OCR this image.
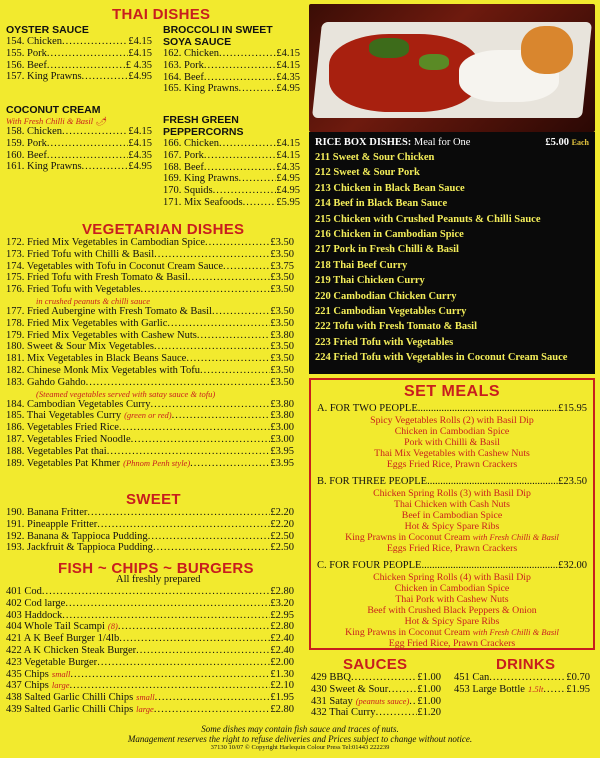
THAI DISHES
OYSTER SAUCE
154. Chicken .....	£4.15
155. Pork .....	£4.15
156. Beef .....	£ 4.35
157. King Prawns .....	£4.95
COCONUT CREAM
With Fresh Chilli & Basil 🌶
158. Chicken .....	£4.15
159. Pork .....	£4.15
160. Beef .....	£4.35
161. King Prawns .....	£4.95
BROCCOLI IN SWEET
SOYA SAUCE
162. Chicken .....	£4.15
163. Pork .....	£4.15
164. Beef .....	£4.35
165. King Prawns .....	£4.95
FRESH GREEN
PEPPERCORNS
166. Chicken .....	£4.15
167. Pork .....	£4.15
168. Beef .....	£4.35
169. King Prawns .....	£4.95
170. Squids .....	£4.95
171. Mix Seafoods .....	£5.95
VEGETARIAN DISHES
172. Fried Mix Vegetables in Cambodian Spice .....	£3.50
173. Fried Tofu with Chilli & Basil .....	£3.50
174. Vegetables with Tofu in Coconut Cream Sauce .....	£3.75
175. Fried Tofu with Fresh Tomato & Basil .....	£3.50
176. Fried Tofu with Vegetables .....	£3.50
in crushed peanuts & chilli sauce
177. Fried Aubergine with Fresh Tomato & Basil .....	£3.50
178. Fried Mix Vegetables with Garlic .....	£3.50
179. Fried Mix Vegetables with Cashew Nuts .....	£3.80
180. Sweet & Sour Mix Vegetables .....	£3.50
181. Mix Vegetables in Black Beans Sauce .....	£3.50
182. Chinese Monk Mix Vegetables with Tofu .....	£3.50
183. Gahdo Gahdo .....	£3.50
(Steamed vegetables served with satay sauce & tofu)
184. Cambodian Vegetables Curry .....	£3.80
185. Thai Vegetables Curry (green or red) .....	£3.80
186. Vegetables Fried Rice .....	£3.00
187. Vegetables Fried Noodle .....	£3.00
188. Vegetables Pat thai .....	£3.95
189. Vegetables Pat Khmer (Phnom Penh style) .....	£3.95
SWEET
190. Banana Fritter .....	£2.20
191. Pineapple Fritter .....	£2.20
192. Banana & Tappioca Pudding .....	£2.50
193. Jackfruit & Tappioca Pudding .....	£2.50
FISH ~ CHIPS ~ BURGERS
All freshly prepared
401 Cod .....	£2.80
402 Cod large .....	£3.20
403 Haddock .....	£2.95
404 Whole Tail Scampi (8) .....	£2.80
421 A K Beef Burger 1/4lb .....	£2.40
422 A K Chicken Steak Burger .....	£2.40
423 Vegetable Burger .....	£2.00
435 Chips small .....	£1.30
437 Chips large .....	£2.10
438 Salted Garlic Chilli Chips small .....	£1.95
439 Salted Garlic Chilli Chips large .....	£2.80
RICE BOX DISHES: Meal for One	£5.00 Each
211 Sweet & Sour Chicken
212 Sweet & Sour Pork
213 Chicken in Black Bean Sauce
214 Beef in Black Bean Sauce
215 Chicken with Crushed Peanuts & Chilli Sauce
216 Chicken in Cambodian Spice
217 Pork in Fresh Chilli & Basil
218 Thai Beef Curry
219 Thai Chicken Curry
220 Cambodian Chicken Curry
221 Cambodian Vegetables Curry
222 Tofu with Fresh Tomato & Basil
223 Fried Tofu with Vegetables
224 Fried Tofu with Vegetables in Coconut Cream Sauce
SET MEALS
A. FOR TWO PEOPLE .....	£15.95
Spicy Vegetables Rolls (2) with Basil Dip
Chicken in Cambodian Spice
Pork with Chilli & Basil
Thai Mix Vegetables with Cashew Nuts
Eggs Fried Rice, Prawn Crackers
B. FOR THREE PEOPLE .....	£23.50
Chicken Spring Rolls (3) with Basil Dip
Thai Chicken with Cash Nuts
Beef in Cambodian Spice
Hot & Spicy Spare Ribs
King Prawns in Coconut Cream with Fresh Chilli & Basil
Eggs Fried Rice, Prawn Crackers
C. FOR FOUR PEOPLE .....	£32.00
Chicken Spring Rolls (4) with Basil Dip
Chicken in Cambodian Spice
Thai Pork with Cashew Nuts
Beef with Crushed Black Peppers & Onion
Hot & Spicy Spare Ribs
King Prawns in Coconut Cream with Fresh Chilli & Basil
Egg Fried Rice, Prawn Crackers
SAUCES
429 BBQ .....	£1.00
430 Sweet & Sour .....	£1.00
431 Satay (peanuts sauce) ..... £1.00
432 Thai Curry .....	£1.20
DRINKS
451 Can .....	£0.70
453 Large Bottle 1.5lt ..... £1.95
Some dishes may contain fish sauce and traces of nuts.
Management reserves the right to refuse deliveries and Prices subject to change without notice.
37130 10/07 © Copyright Harlequin Colour Press Tel:01443 222239
